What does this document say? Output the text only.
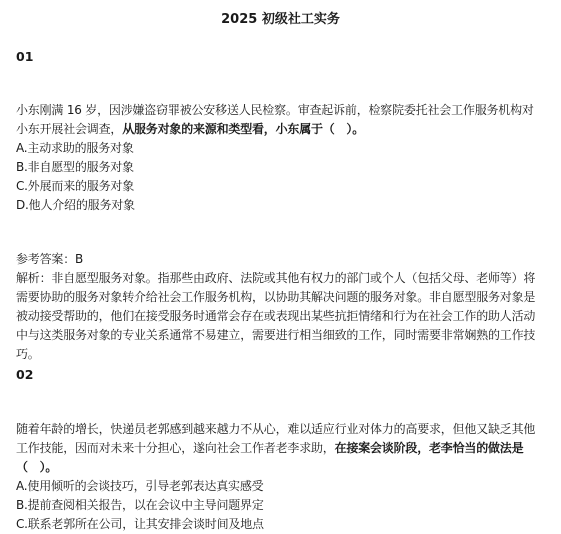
2025 初级社工实务
01
小东刚满 16 岁，因涉嫌盗窃罪被公安移送人民检察。审查起诉前，检察院委托社会工作服务机构对小东开展社会调查，从服务对象的来源和类型看，小东属于（　）。
A.主动求助的服务对象
B.非自愿型的服务对象
C.外展而来的服务对象
D.他人介绍的服务对象
参考答案：B
解析：非自愿型服务对象。指那些由政府、法院或其他有权力的部门或个人（包括父母、老师等）将需要协助的服务对象转介给社会工作服务机构，以协助其解决问题的服务对象。非自愿型服务对象是被动接受帮助的，他们在接受服务时通常会存在或表现出某些抗拒情绪和行为在社会工作的助人活动中与这类服务对象的专业关系通常不易建立，需要进行相当细致的工作，同时需要非常娴熟的工作技巧。
02
随着年龄的增长，快递员老郭感到越来越力不从心，难以适应行业对体力的高要求，但他又缺乏其他工作技能，因而对未来十分担心，遂向社会工作者老李求助，在接案会谈阶段，老李恰当的做法是（　）。
A.使用倾听的会谈技巧，引导老郭表达真实感受
B.提前查阅相关报告，以在会议中主导问题界定
C.联系老郭所在公司，让其安排会谈时间及地点
